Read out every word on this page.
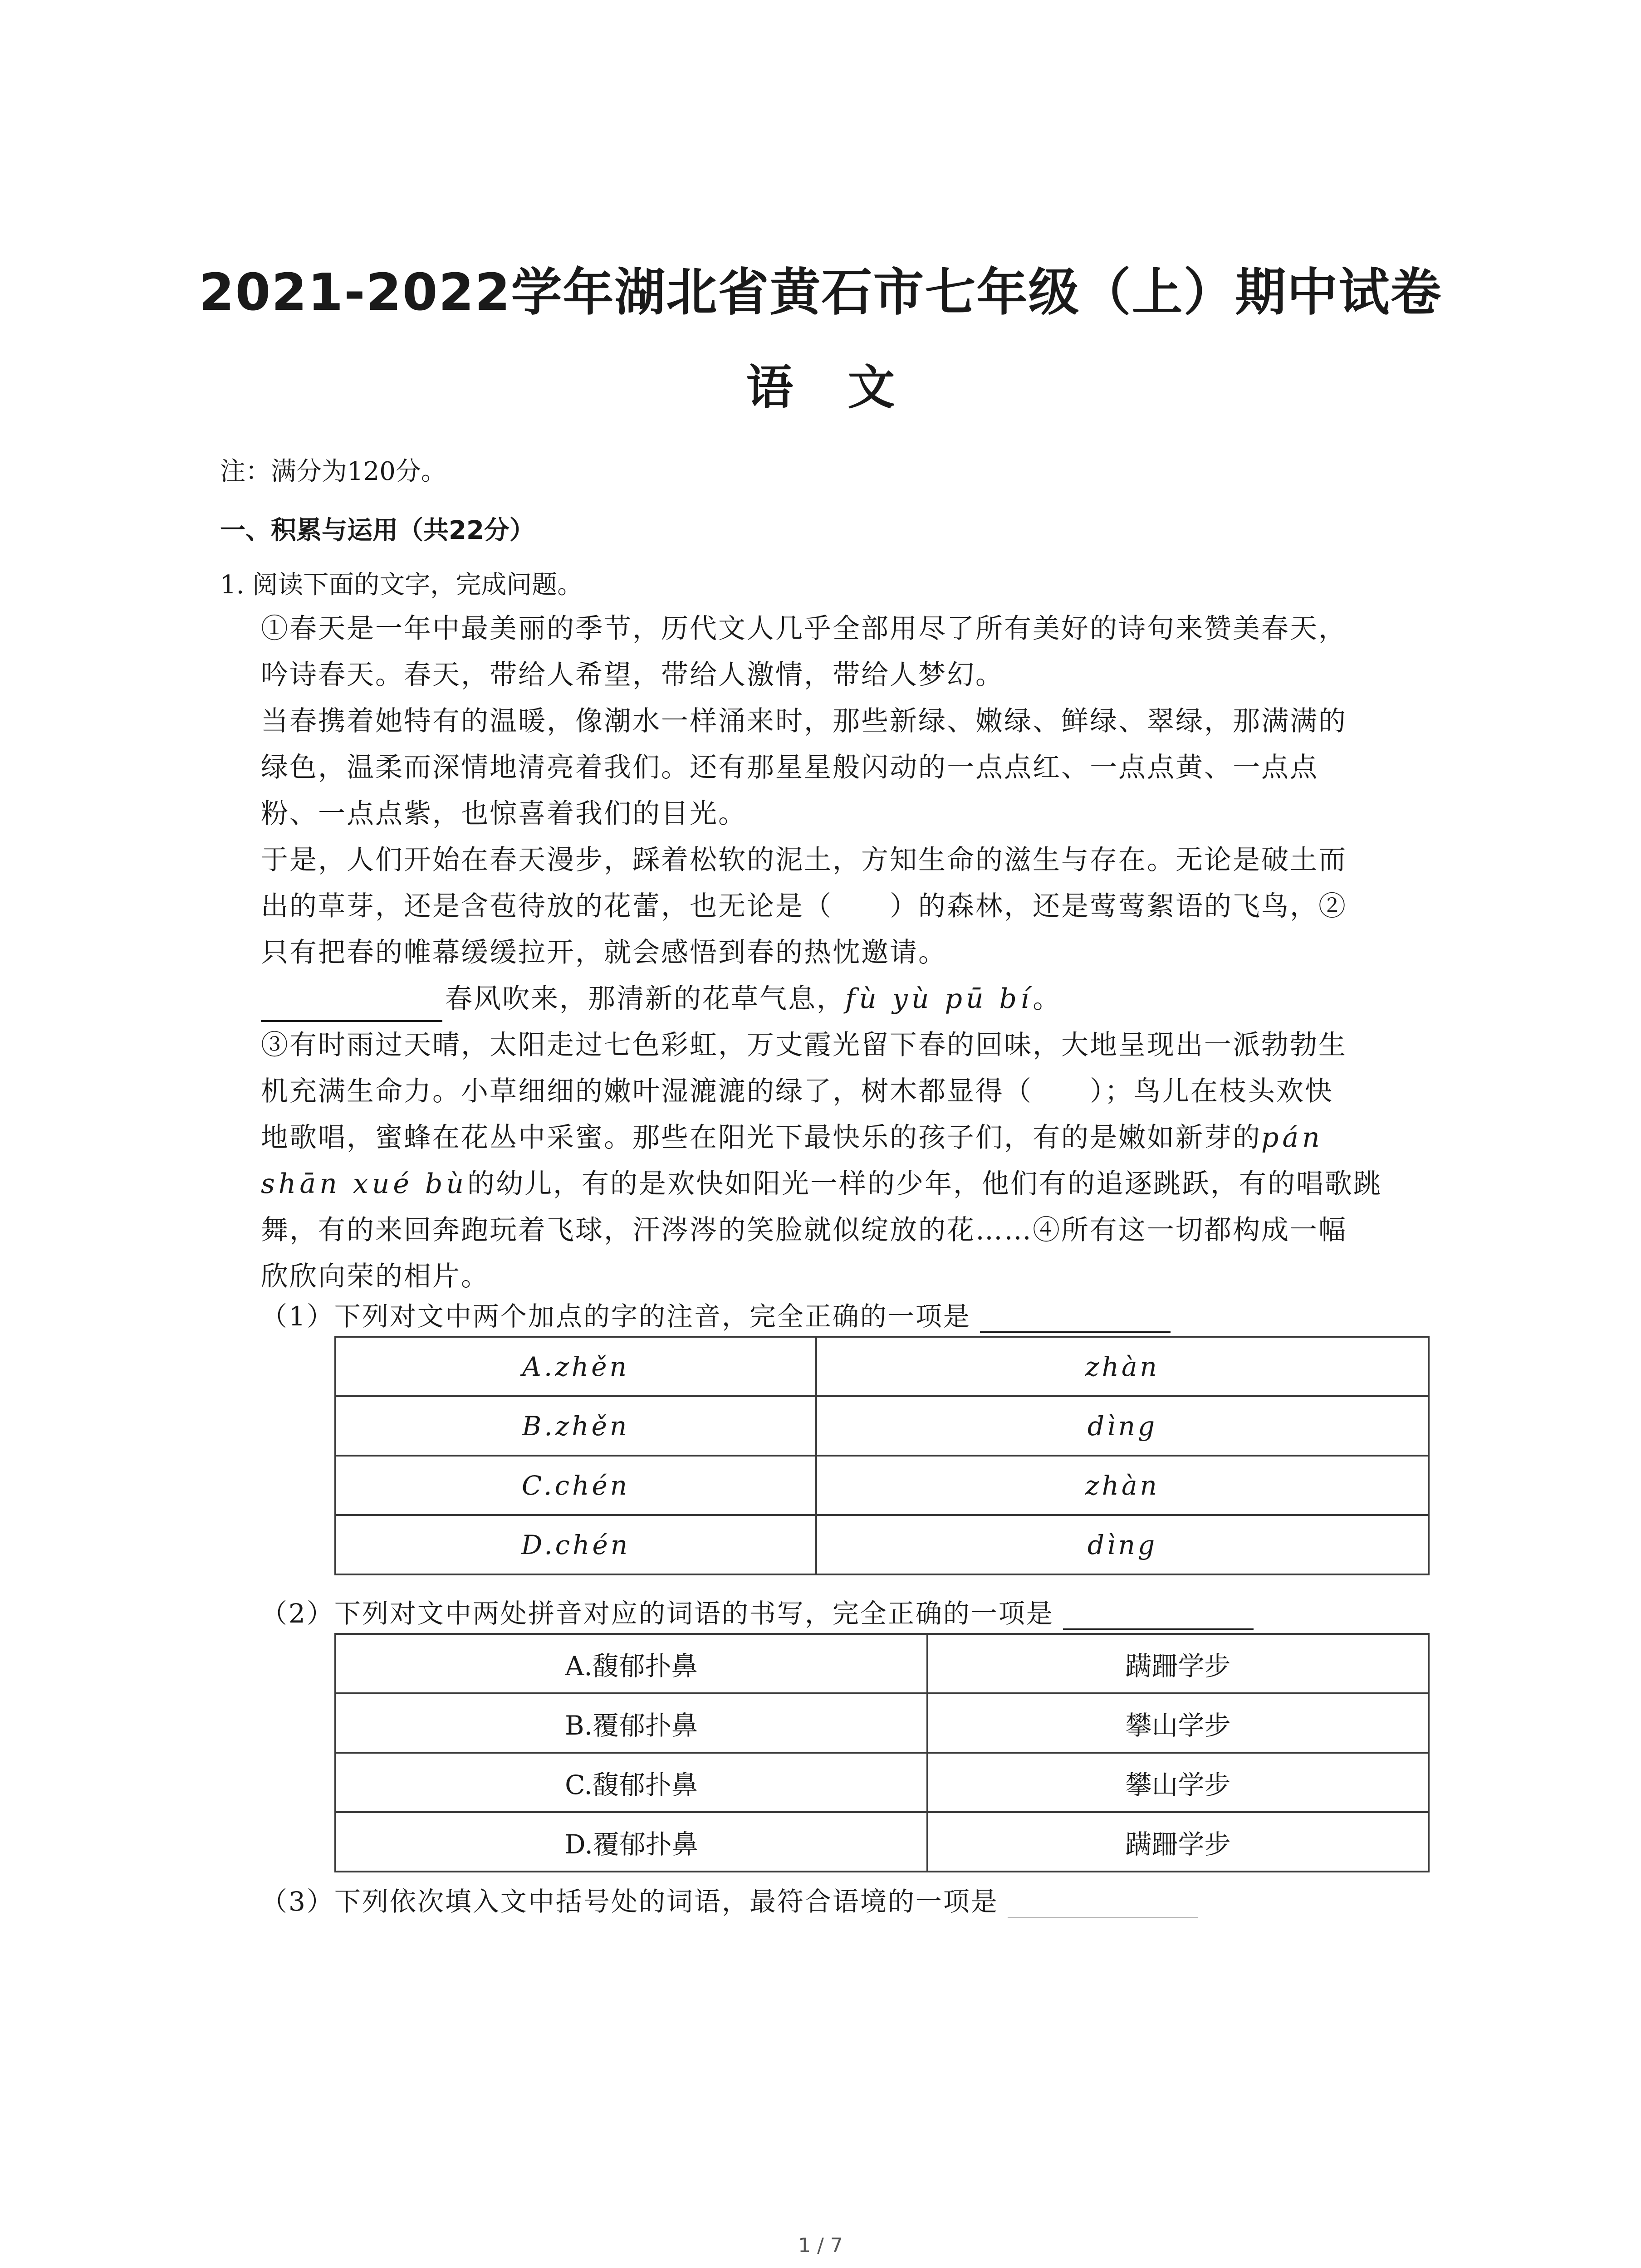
2021-2022学年湖北省黄石市七年级（上）期中试卷
语文
注：满分为120分。
一、积累与运用（共22分）
1. 阅读下面的文字，完成问题。
①春天是一年中最美丽的季节，历代文人几乎全部用尽了所有美好的诗句来赞美春天，
吟诗春天。春天，带给人希望，带给人激情，带给人梦幻。
当春携着她特有的温暖，像潮水一样涌来时，那些新绿、嫩绿、鲜绿、翠绿，那满满的
绿色，温柔而深情地清亮着我们。还有那星星般闪动的一点点红、一点点黄、一点点
粉、一点点紫，也惊喜着我们的目光。
于是，人们开始在春天漫步，踩着松软的泥土，方知生命的滋生与存在。无论是破土而
出的草芽，还是含苞待放的花蕾，也无论是（　　）的森林，还是莺莺絮语的飞鸟，②
只有把春的帷幕缓缓拉开，就会感悟到春的热忱邀请。
春风吹来，那清新的花草气息，fù yù pū bí。
③有时雨过天晴，太阳走过七色彩虹，万丈霞光留下春的回味，大地呈现出一派勃勃生
机充满生命力。小草细细的嫩叶湿漉漉的绿了，树木都显得（　　）；鸟儿在枝头欢快
地歌唱，蜜蜂在花丛中采蜜。那些在阳光下最快乐的孩子们，有的是嫩如新芽的pán
shān xué bù的幼儿，有的是欢快如阳光一样的少年，他们有的追逐跳跃，有的唱歌跳
舞，有的来回奔跑玩着飞球，汗涔涔的笑脸就似绽放的花……④所有这一切都构成一幅
欣欣向荣的相片。
（1）下列对文中两个加点的字的注音，完全正确的一项是
A.zhěn	zhàn
B.zhěn	dìng
C.chén	zhàn
D.chén	dìng
（2）下列对文中两处拼音对应的词语的书写，完全正确的一项是
A.馥郁扑鼻	蹒跚学步
B.覆郁扑鼻	攀山学步
C.馥郁扑鼻	攀山学步
D.覆郁扑鼻	蹒跚学步
（3）下列依次填入文中括号处的词语，最符合语境的一项是
1 / 7
